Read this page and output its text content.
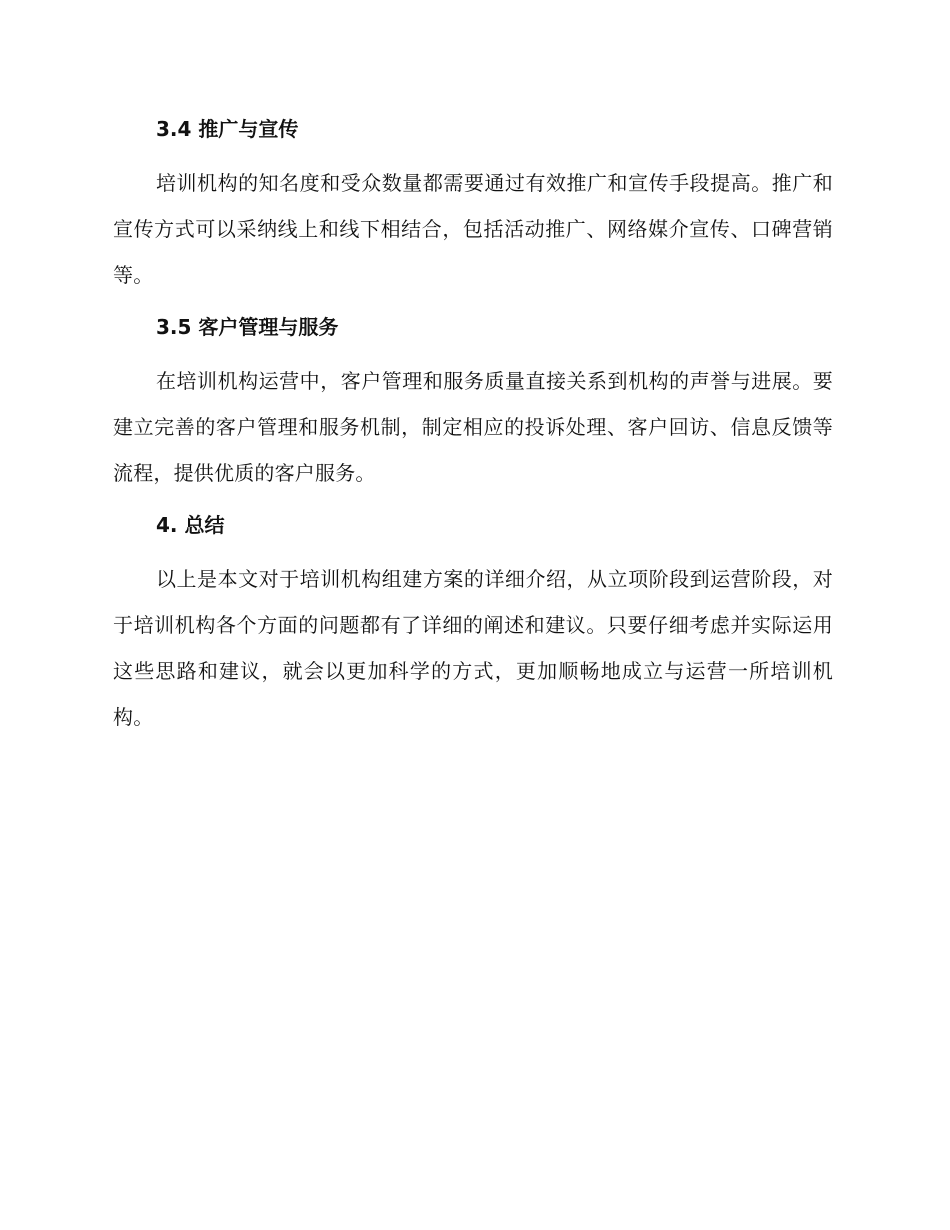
3.4 推广与宣传

培训机构的知名度和受众数量都需要通过有效推广和宣传手段提高。推广和宣传方式可以采纳线上和线下相结合，包括活动推广、网络媒介宣传、口碑营销等。

3.5 客户管理与服务

在培训机构运营中，客户管理和服务质量直接关系到机构的声誉与进展。要建立完善的客户管理和服务机制，制定相应的投诉处理、客户回访、信息反馈等流程，提供优质的客户服务。

4. 总结

以上是本文对于培训机构组建方案的详细介绍，从立项阶段到运营阶段，对于培训机构各个方面的问题都有了详细的阐述和建议。只要仔细考虑并实际运用这些思路和建议，就会以更加科学的方式，更加顺畅地成立与运营一所培训机构。
